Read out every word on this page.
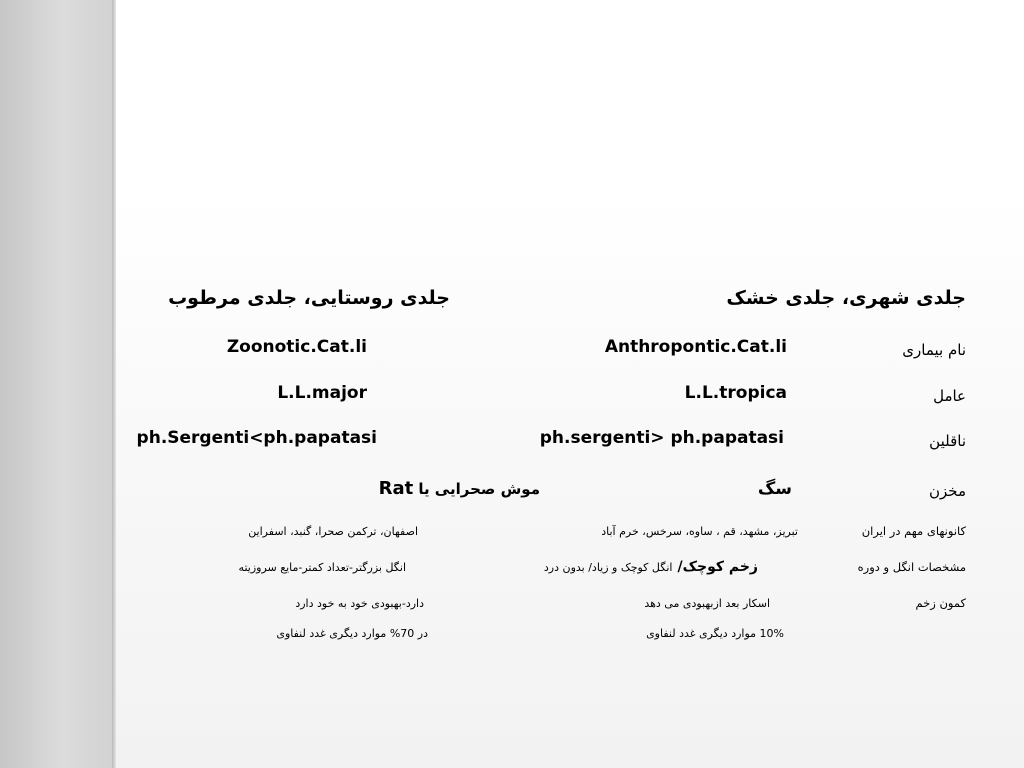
جلدی شهری، جلدی خشک
جلدی روستایی، جلدی مرطوب
نام بیماری
Anthropontic.Cat.li
Zoonotic.Cat.li
عامل
L.L.tropica
L.L.major
ناقلین
ph.sergenti> ph.papatasi
ph.Sergenti<ph.papatasi
مخزن
سگ
موش صحرایی یا Rat
کانونهای مهم در ایران
تبریز، مشهد، قم ، ساوه، سرخس، خرم آباد
اصفهان، ترکمن صحرا، گنبد، اسفراین
مشخصات انگل و دوره
زخم کوچک/ انگل کوچک و زیاد/ بدون درد
انگل بزرگتر-تعداد کمتر-مایع سروزیته
کمون زخم
اسکار بعد ازبهبودی می دهد
دارد-بهبودی خود به خود دارد
10% موارد دیگری غدد لنفاوی
در 70% موارد دیگری غدد لنفاوی
